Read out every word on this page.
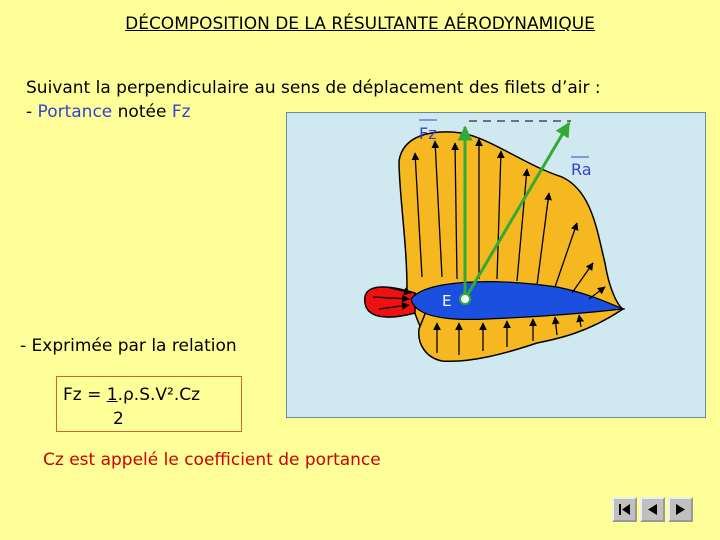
DÉCOMPOSITION DE LA RÉSULTANTE AÉRODYNAMIQUE
Suivant la perpendiculaire au sens de déplacement des filets d’air :
- Portance notée Fz
- Exprimée par la relation
Fz = 1.ρ.S.V².Cz
2
Cz est appelé le coefficient de portance
Fz
Ra
E
